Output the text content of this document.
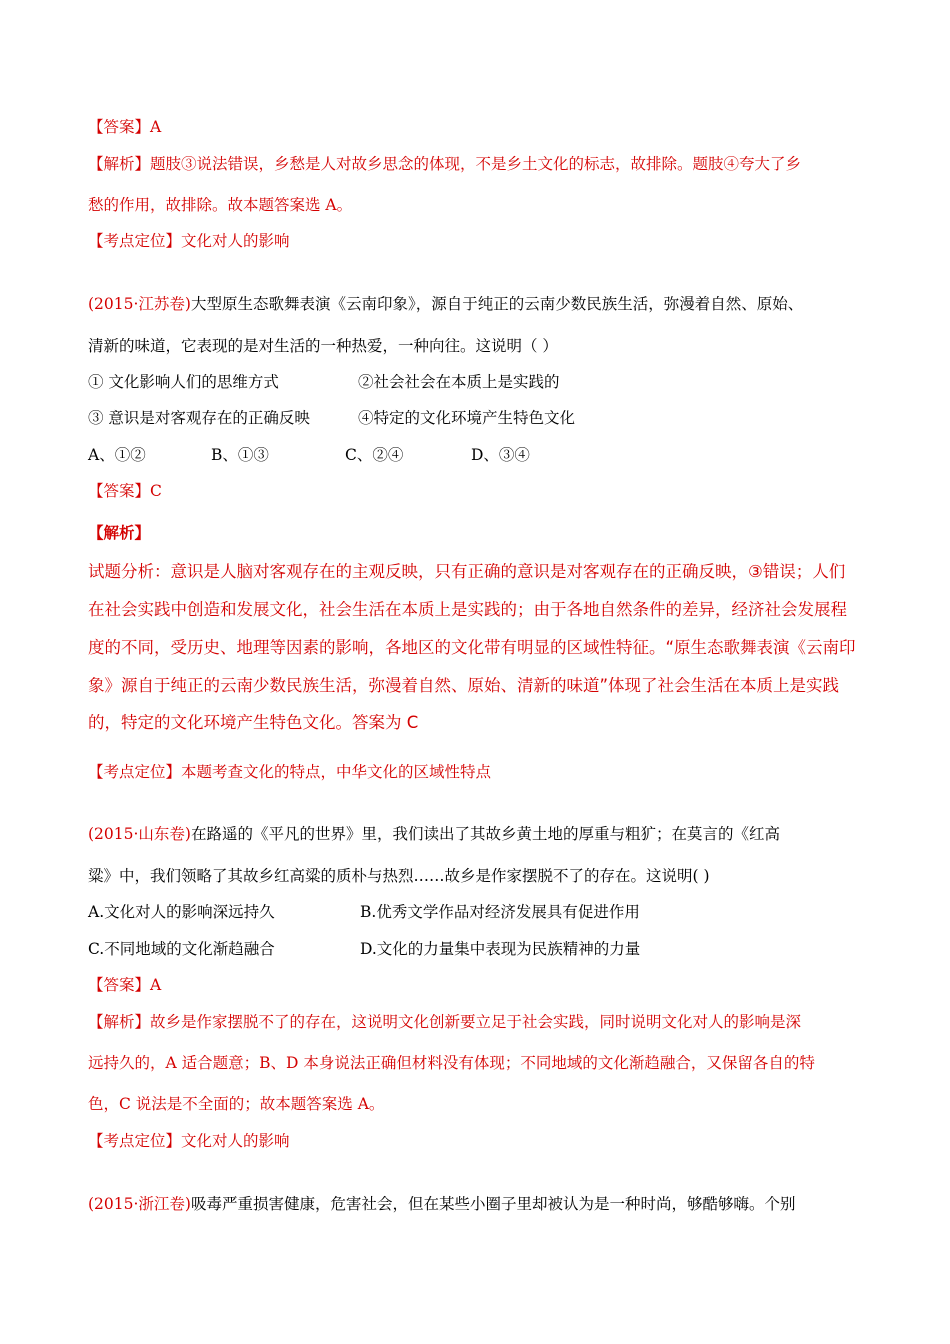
【答案】A
【解析】题肢③说法错误，乡愁是人对故乡思念的体现，不是乡土文化的标志，故排除。题肢④夸大了乡
愁的作用，故排除。故本题答案选 A。
【考点定位】文化对人的影响
(2015·江苏卷)大型原生态歌舞表演《云南印象》，源自于纯正的云南少数民族生活，弥漫着自然、原始、
清新的味道，它表现的是对生活的一种热爱，一种向往。这说明（ ）
① 文化影响人们的思维方式	②社会社会在本质上是实践的
③ 意识是对客观存在的正确反映	④特定的文化环境产生特色文化
A、①②	B、①③	C、②④	D、③④
【答案】C
【解析】
试题分析：意识是人脑对客观存在的主观反映，只有正确的意识是对客观存在的正确反映，③错误；人们
在社会实践中创造和发展文化，社会生活在本质上是实践的；由于各地自然条件的差异，经济社会发展程
度的不同，受历史、地理等因素的影响，各地区的文化带有明显的区域性特征。“原生态歌舞表演《云南印
象》源自于纯正的云南少数民族生活，弥漫着自然、原始、清新的味道”体现了社会生活在本质上是实践
的，特定的文化环境产生特色文化。答案为 C
【考点定位】本题考查文化的特点，中华文化的区域性特点
(2015·山东卷)在路遥的《平凡的世界》里，我们读出了其故乡黄土地的厚重与粗犷；在莫言的《红高
粱》中，我们领略了其故乡红高粱的质朴与热烈……故乡是作家摆脱不了的存在。这说明( )
A.文化对人的影响深远持久	B.优秀文学作品对经济发展具有促进作用
C.不同地域的文化渐趋融合	D.文化的力量集中表现为民族精神的力量
【答案】A
【解析】故乡是作家摆脱不了的存在，这说明文化创新要立足于社会实践，同时说明文化对人的影响是深
远持久的，A 适合题意；B、D 本身说法正确但材料没有体现；不同地域的文化渐趋融合，又保留各自的特
色，C 说法是不全面的；故本题答案选 A。
【考点定位】文化对人的影响
(2015·浙江卷)吸毒严重损害健康，危害社会，但在某些小圈子里却被认为是一种时尚，够酷够嗨。个别
